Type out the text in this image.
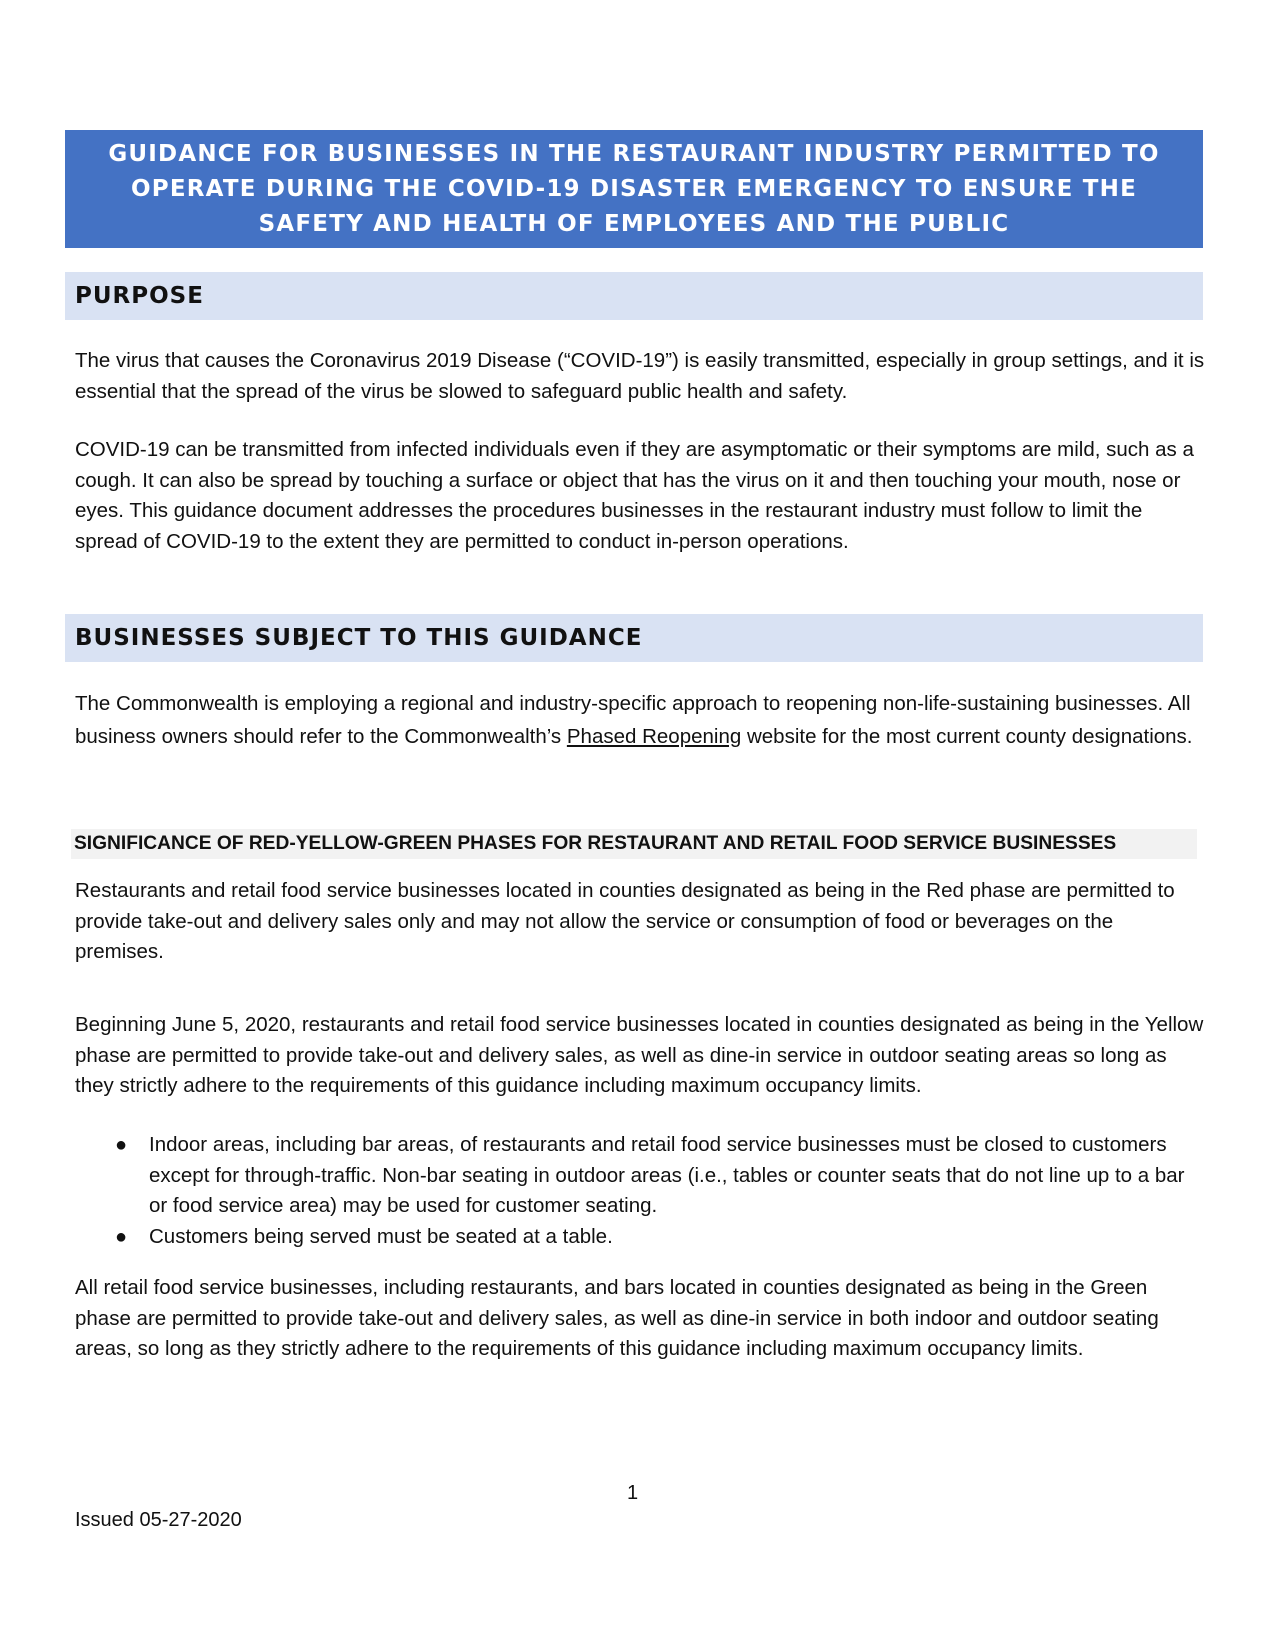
GUIDANCE FOR BUSINESSES IN THE RESTAURANT INDUSTRY PERMITTED TO OPERATE DURING THE COVID-19 DISASTER EMERGENCY TO ENSURE THE SAFETY AND HEALTH OF EMPLOYEES AND THE PUBLIC
PURPOSE

The virus that causes the Coronavirus 2019 Disease (“COVID-19”) is easily transmitted, especially in group settings, and it is essential that the spread of the virus be slowed to safeguard public health and safety.

COVID-19 can be transmitted from infected individuals even if they are asymptomatic or their symptoms are mild, such as a cough. It can also be spread by touching a surface or object that has the virus on it and then touching your mouth, nose or eyes. This guidance document addresses the procedures businesses in the restaurant industry must follow to limit the spread of COVID-19 to the extent they are permitted to conduct in-person operations.

BUSINESSES SUBJECT TO THIS GUIDANCE

The Commonwealth is employing a regional and industry-specific approach to reopening non-life-sustaining businesses. All business owners should refer to the Commonwealth’s Phased Reopening website for the most current county designations.

SIGNIFICANCE OF RED-YELLOW-GREEN PHASES FOR RESTAURANT AND RETAIL FOOD SERVICE BUSINESSES

Restaurants and retail food service businesses located in counties designated as being in the Red phase are permitted to provide take-out and delivery sales only and may not allow the service or consumption of food or beverages on the premises.

Beginning June 5, 2020, restaurants and retail food service businesses located in counties designated as being in the Yellow phase are permitted to provide take-out and delivery sales, as well as dine-in service in outdoor seating areas so long as they strictly adhere to the requirements of this guidance including maximum occupancy limits.

● Indoor areas, including bar areas, of restaurants and retail food service businesses must be closed to customers except for through-traffic. Non-bar seating in outdoor areas (i.e., tables or counter seats that do not line up to a bar or food service area) may be used for customer seating.
● Customers being served must be seated at a table.

All retail food service businesses, including restaurants, and bars located in counties designated as being in the Green phase are permitted to provide take-out and delivery sales, as well as dine-in service in both indoor and outdoor seating areas, so long as they strictly adhere to the requirements of this guidance including maximum occupancy limits.

1
Issued 05-27-2020
